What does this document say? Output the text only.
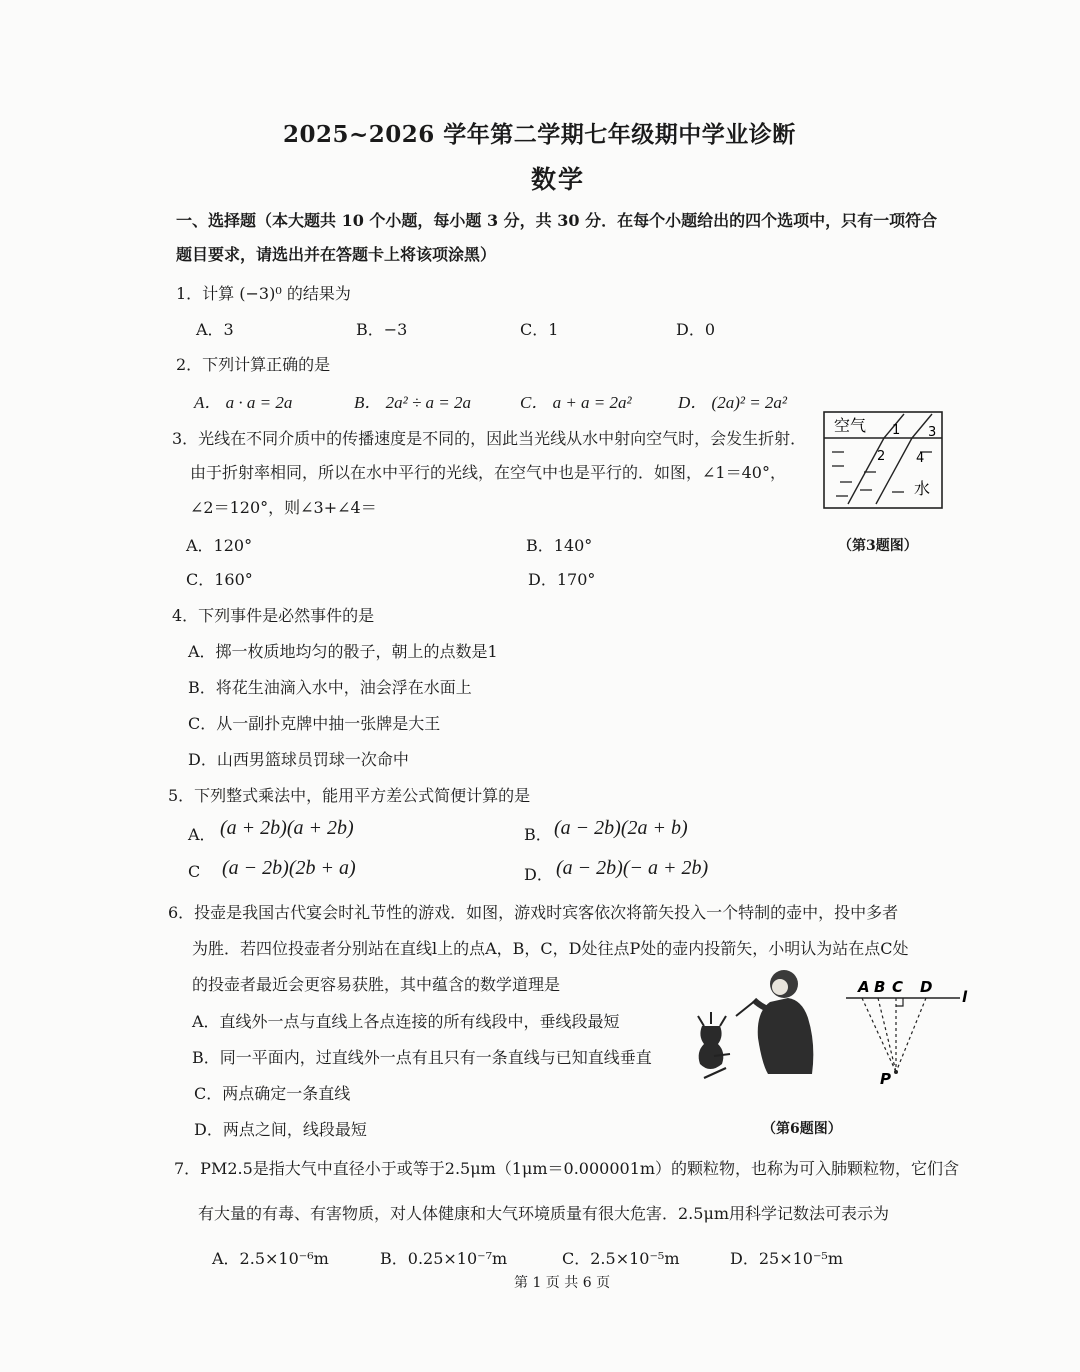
2025~2026 学年第二学期七年级期中学业诊断
数学
一、选择题（本大题共 10 个小题，每小题 3 分，共 30 分．在每个小题给出的四个选项中，只有一项符合
题目要求，请选出并在答题卡上将该项涂黑）
1．计算 (−3)⁰ 的结果为
A．3	B．−3	C．1	D．0
2．下列计算正确的是
A． a · a = 2a	B． 2a² ÷ a = 2a	C． a + a = 2a²	D． (2a)² = 2a²
3．光线在不同介质中的传播速度是不同的，因此当光线从水中射向空气时，会发生折射．
由于折射率相同，所以在水中平行的光线，在空气中也是平行的．如图，∠1＝40°，
∠2＝120°，则∠3+∠4＝
A．120°	B．140°
C．160°	D．170°
（第3题图）
空气
水
1
2
3
4
4．下列事件是必然事件的是
A．掷一枚质地均匀的骰子，朝上的点数是1
B．将花生油滴入水中，油会浮在水面上
C．从一副扑克牌中抽一张牌是大王
D．山西男篮球员罚球一次命中
5．下列整式乘法中，能用平方差公式简便计算的是
A． (a + 2b)(a + 2b)	B． (a − 2b)(2a + b)
C (a − 2b)(2b + a)	D． (a − 2b)(− a + 2b)
6．投壶是我国古代宴会时礼节性的游戏．如图，游戏时宾客依次将箭矢投入一个特制的壶中，投中多者
为胜．若四位投壶者分别站在直线l上的点A，B，C，D处往点P处的壶内投箭矢，小明认为站在点C处
的投壶者最近会更容易获胜，其中蕴含的数学道理是
A．直线外一点与直线上各点连接的所有线段中，垂线段最短
B．同一平面内，过直线外一点有且只有一条直线与已知直线垂直
C．两点确定一条直线
D．两点之间，线段最短	（第6题图）
A B C D
l
P
7．PM2.5是指大气中直径小于或等于2.5μm（1μm＝0.000001m）的颗粒物，也称为可入肺颗粒物，它们含
有大量的有毒、有害物质，对人体健康和大气环境质量有很大危害．2.5μm用科学记数法可表示为
A．2.5×10⁻⁶m	B．0.25×10⁻⁷m	C．2.5×10⁻⁵m	D．25×10⁻⁵m
第 1 页 共 6 页
